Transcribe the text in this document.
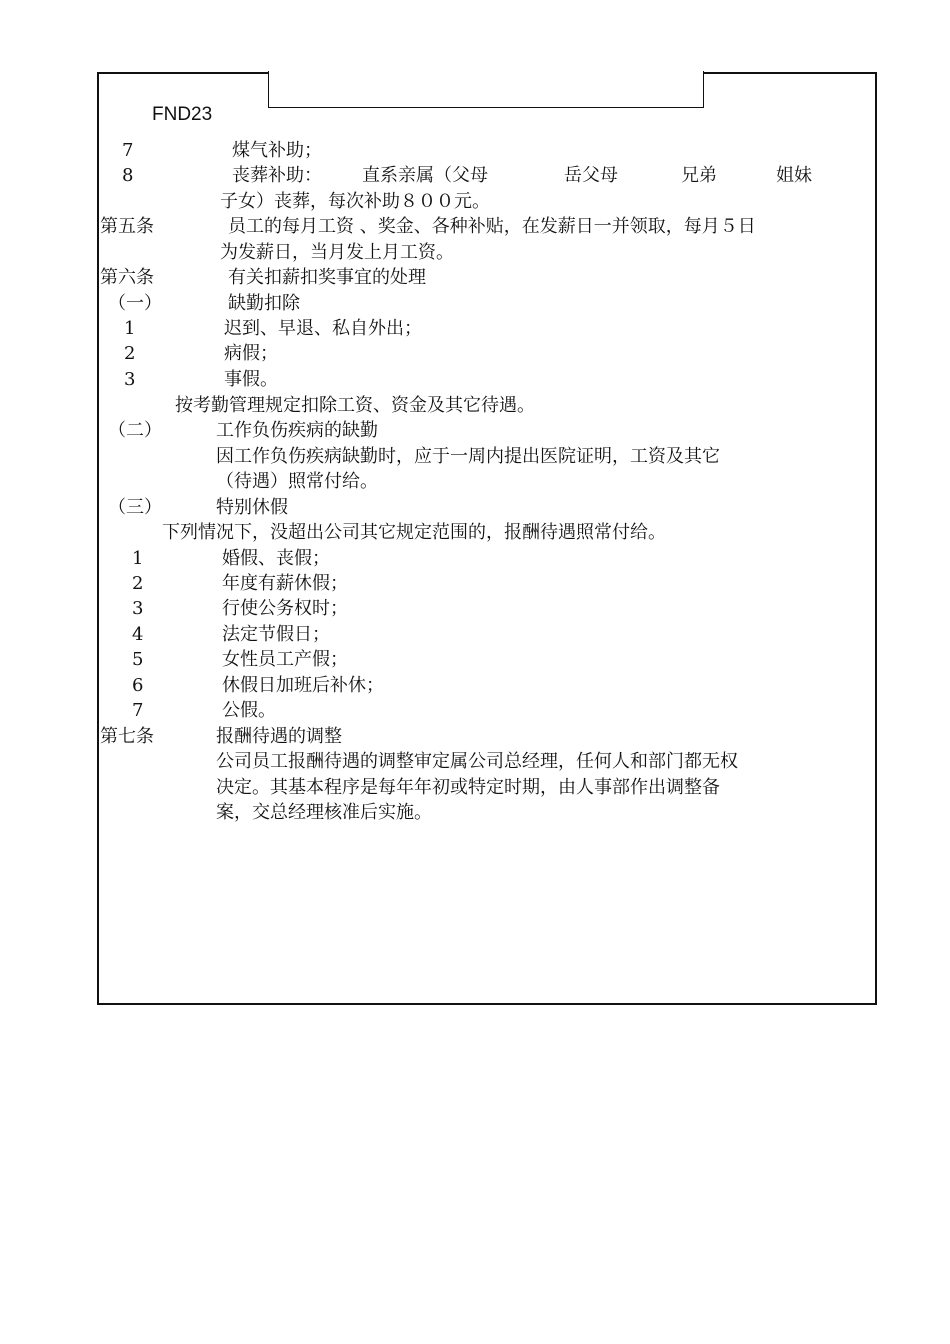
FND23
7	煤气补助；
8	丧葬补助： 直系亲属（父母	岳父母	兄弟	姐妹
子女）丧葬，每次补助８００元。
第五条	员工的每月工资 、奖金、各种补贴，在发薪日一并领取，每月５日
为发薪日，当月发上月工资。
第六条	有关扣薪扣奖事宜的处理
（一）	缺勤扣除
1	迟到、早退、私自外出；
2	病假；
3	事假。
按考勤管理规定扣除工资、资金及其它待遇。
（二）	工作负伤疾病的缺勤
因工作负伤疾病缺勤时，应于一周内提出医院证明，工资及其它
（待遇）照常付给。
（三）	特别休假
下列情况下，没超出公司其它规定范围的，报酬待遇照常付给。
1	婚假、丧假；
2	年度有薪休假；
3	行使公务权时；
4	法定节假日；
5	女性员工产假；
6	休假日加班后补休；
7	公假。
第七条	报酬待遇的调整
公司员工报酬待遇的调整审定属公司总经理，任何人和部门都无权
决定。其基本程序是每年年初或特定时期，由人事部作出调整备
案，交总经理核准后实施。
